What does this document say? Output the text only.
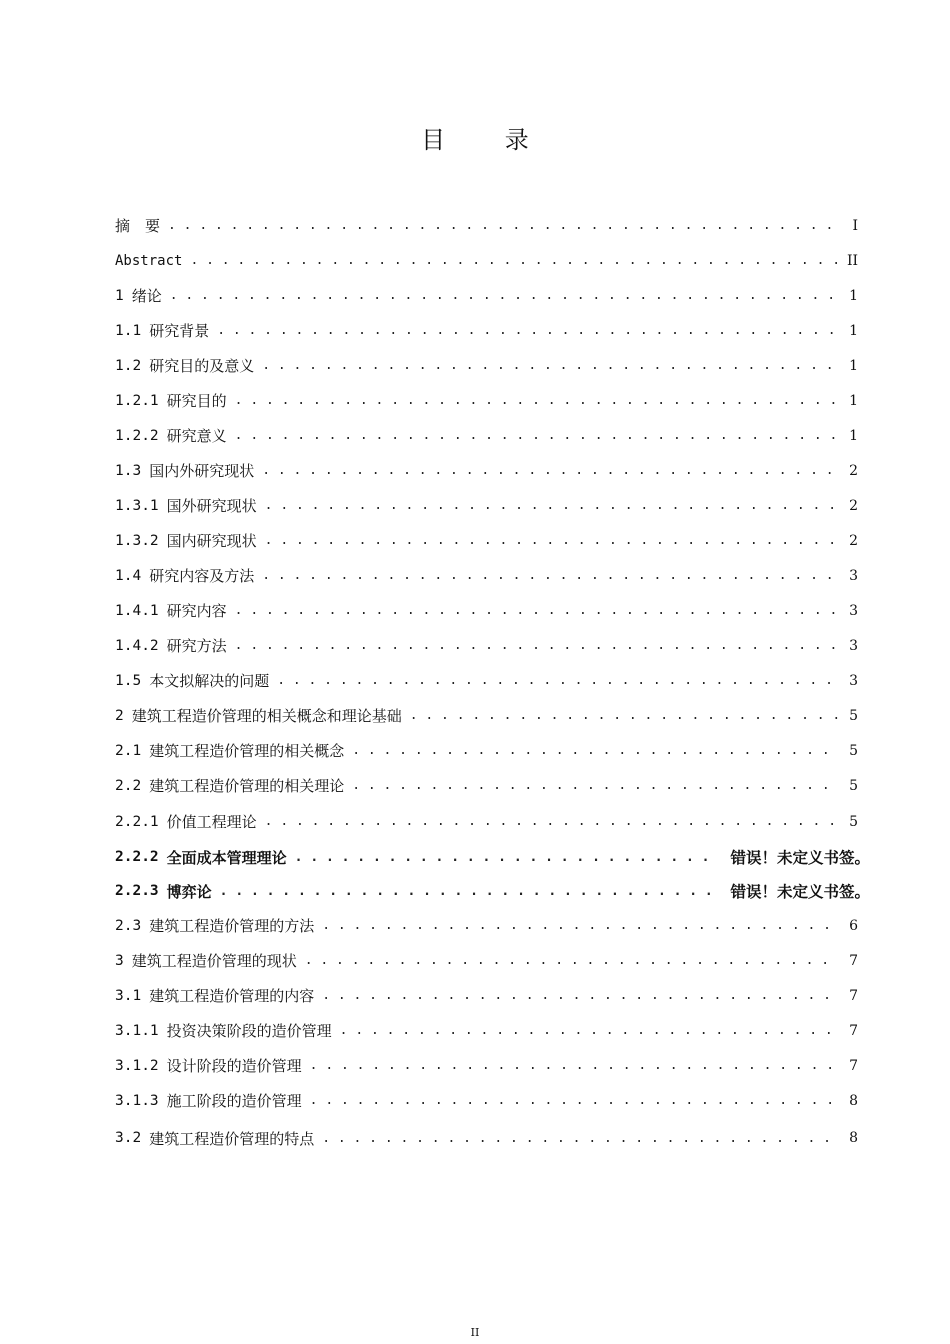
目 录
摘　要 . . .	I
Abstract . . .	II
1 绪论 . . .	1
1.1 研究背景 . . .	1
1.2 研究目的及意义 . . .	1
1.2.1 研究目的 . . .	1
1.2.2 研究意义 . . .	1
1.3 国内外研究现状 . . .	2
1.3.1 国外研究现状 . . .	2
1.3.2 国内研究现状 . . .	2
1.4 研究内容及方法 . . .	3
1.4.1 研究内容 . . .	3
1.4.2 研究方法 . . .	3
1.5 本文拟解决的问题 . . .	3
2 建筑工程造价管理的相关概念和理论基础 . . .	5
2.1 建筑工程造价管理的相关概念 . . .	5
2.2 建筑工程造价管理的相关理论 . . .	5
2.2.1 价值工程理论 . . .	5
2.2.2 全面成本管理理论 . . .	错误！未定义书签。
2.2.3 博弈论 . . .	错误！未定义书签。
2.3 建筑工程造价管理的方法 . . .	6
3 建筑工程造价管理的现状 . . .	7
3.1 建筑工程造价管理的内容 . . .	7
3.1.1 投资决策阶段的造价管理 . . .	7
3.1.2 设计阶段的造价管理 . . .	7
3.1.3 施工阶段的造价管理 . . .	8
3.2 建筑工程造价管理的特点 . . .	8
II
